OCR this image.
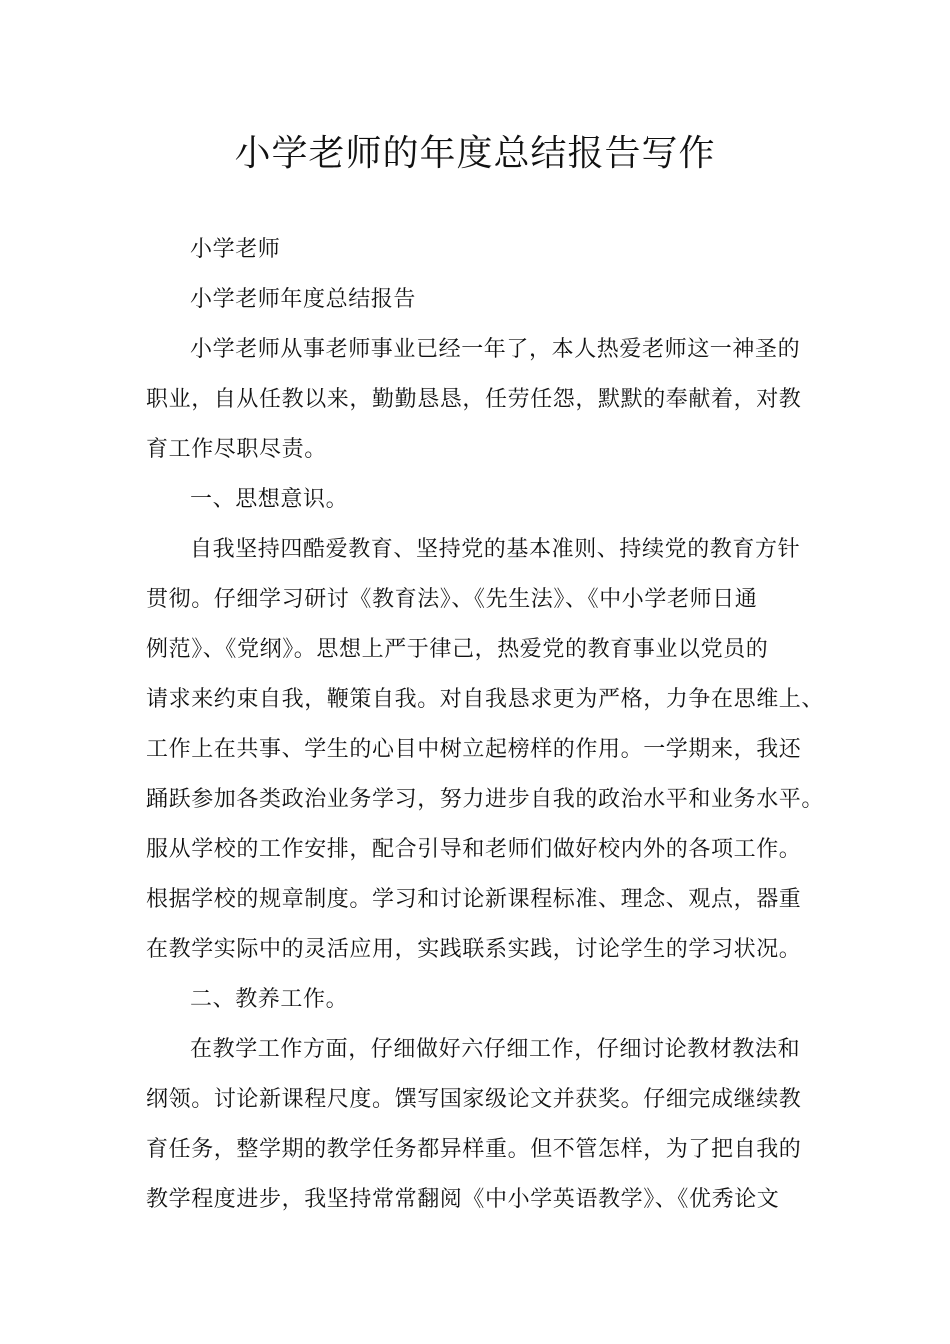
小学老师的年度总结报告写作

小学老师

小学老师年度总结报告

小学老师从事老师事业已经一年了，本人热爱老师这一神圣的

职业，自从任教以来，勤勤恳恳，任劳任怨，默默的奉献着，对教

育工作尽职尽责。

一、思想意识。

自我坚持四酷爱教育、坚持党的基本准则、持续党的教育方针

贯彻。仔细学习研讨《教育法》、《先生法》、《中小学老师日通

例范》、《党纲》。思想上严于律己，热爱党的教育事业以党员的

请求来约束自我，鞭策自我。对自我恳求更为严格，力争在思维上、

工作上在共事、学生的心目中树立起榜样的作用。一学期来，我还

踊跃参加各类政治业务学习，努力进步自我的政治水平和业务水平。

服从学校的工作安排，配合引导和老师们做好校内外的各项工作。

根据学校的规章制度。学习和讨论新课程标准、理念、观点，器重

在教学实际中的灵活应用，实践联系实践，讨论学生的学习状况。

二、教养工作。

在教学工作方面，仔细做好六仔细工作，仔细讨论教材教法和

纲领。讨论新课程尺度。馔写国家级论文并获奖。仔细完成继续教

育任务，整学期的教学任务都异样重。但不管怎样，为了把自我的

教学程度进步，我坚持常常翻阅《中小学英语教学》、《优秀论文
